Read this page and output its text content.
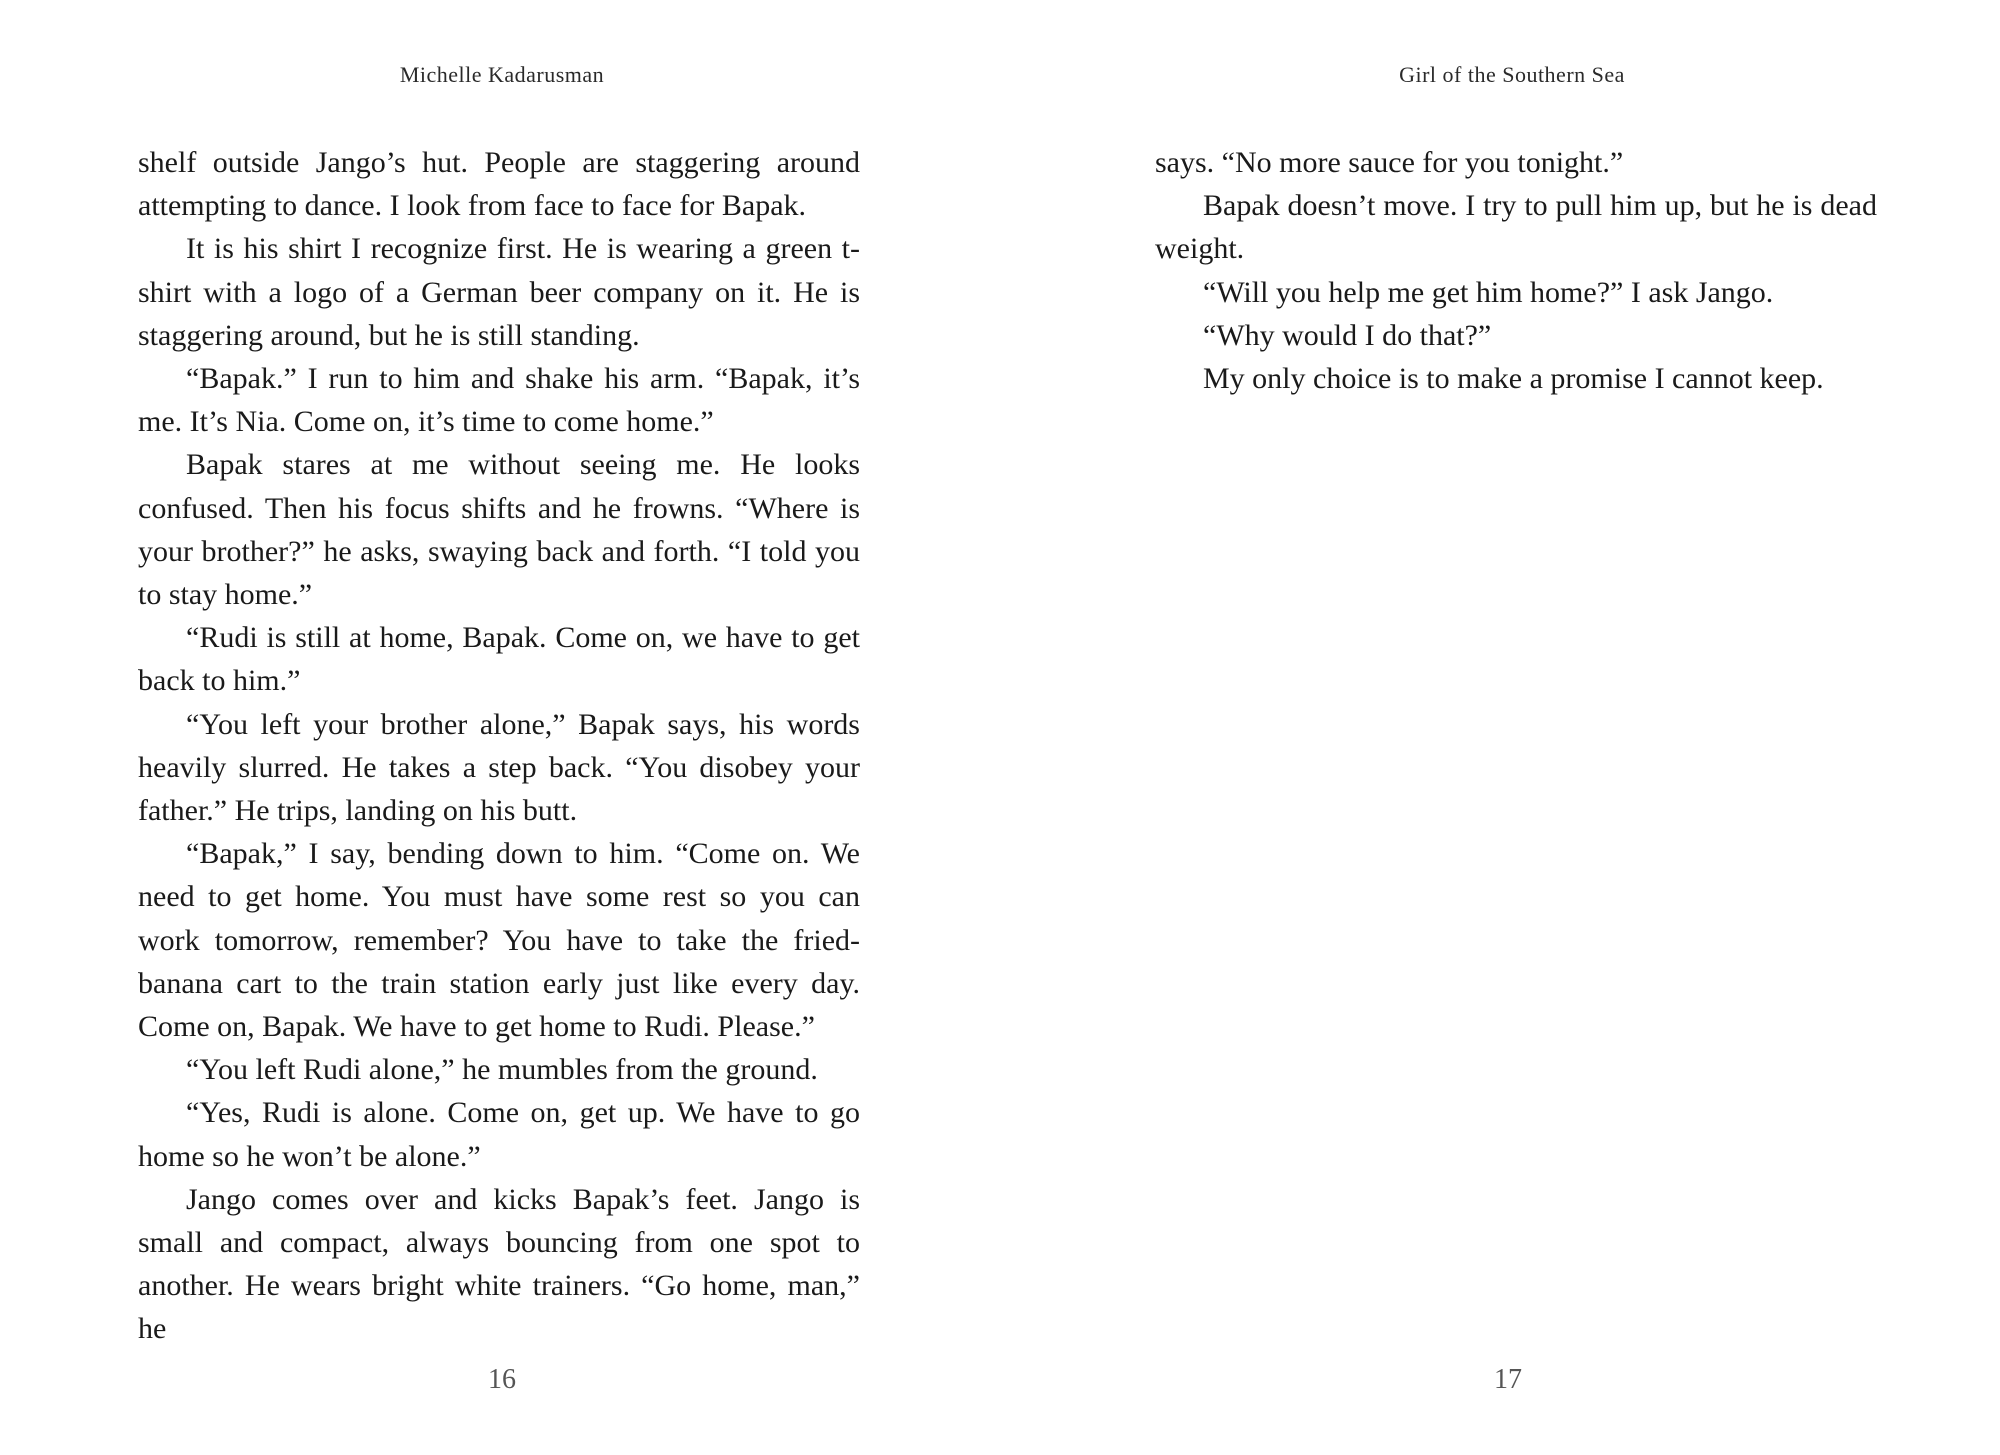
Michelle Kadarusman

shelf outside Jango’s hut. People are staggering around attempting to dance. I look from face to face for Bapak.

It is his shirt I recognize first. He is wearing a green t-shirt with a logo of a German beer company on it. He is staggering around, but he is still standing.

“Bapak.” I run to him and shake his arm. “Bapak, it’s me. It’s Nia. Come on, it’s time to come home.”

Bapak stares at me without seeing me. He looks confused. Then his focus shifts and he frowns. “Where is your brother?” he asks, swaying back and forth. “I told you to stay home.”

“Rudi is still at home, Bapak. Come on, we have to get back to him.”

“You left your brother alone,” Bapak says, his words heavily slurred. He takes a step back. “You disobey your father.” He trips, landing on his butt.

“Bapak,” I say, bending down to him. “Come on. We need to get home. You must have some rest so you can work tomorrow, remember? You have to take the fried-banana cart to the train station early just like every day. Come on, Bapak. We have to get home to Rudi. Please.”

“You left Rudi alone,” he mumbles from the ground.

“Yes, Rudi is alone. Come on, get up. We have to go home so he won’t be alone.”

Jango comes over and kicks Bapak’s feet. Jango is small and compact, always bouncing from one spot to another. He wears bright white trainers. “Go home, man,” he

16
Girl of the Southern Sea

says. “No more sauce for you tonight.”

Bapak doesn’t move. I try to pull him up, but he is dead weight.

“Will you help me get him home?” I ask Jango.

“Why would I do that?”

My only choice is to make a promise I cannot keep.

17
